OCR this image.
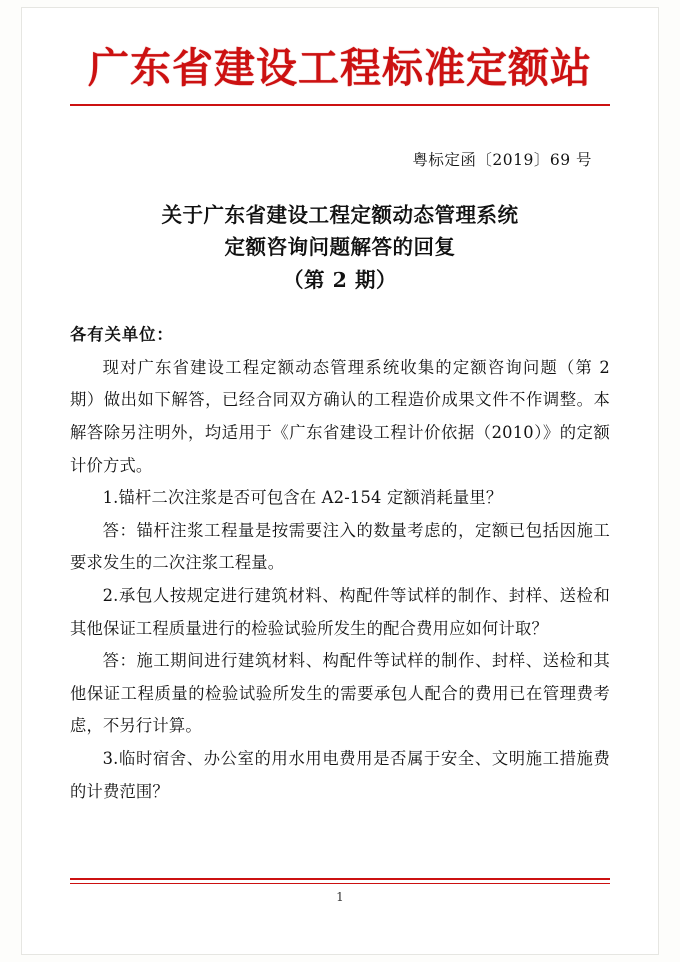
广东省建设工程标准定额站
粤标定函〔2019〕69 号
关于广东省建设工程定额动态管理系统
定额咨询问题解答的回复
（第 2 期）

各有关单位：

现对广东省建设工程定额动态管理系统收集的定额咨询问题（第 2 期）做出如下解答，已经合同双方确认的工程造价成果文件不作调整。本解答除另注明外，均适用于《广东省建设工程计价依据（2010）》的定额计价方式。

1.锚杆二次注浆是否可包含在 A2-154 定额消耗量里？

答：锚杆注浆工程量是按需要注入的数量考虑的，定额已包括因施工要求发生的二次注浆工程量。

2.承包人按规定进行建筑材料、构配件等试样的制作、封样、送检和其他保证工程质量进行的检验试验所发生的配合费用应如何计取？

答：施工期间进行建筑材料、构配件等试样的制作、封样、送检和其他保证工程质量的检验试验所发生的需要承包人配合的费用已在管理费考虑，不另行计算。

3.临时宿舍、办公室的用水用电费用是否属于安全、文明施工措施费的计费范围？

1
